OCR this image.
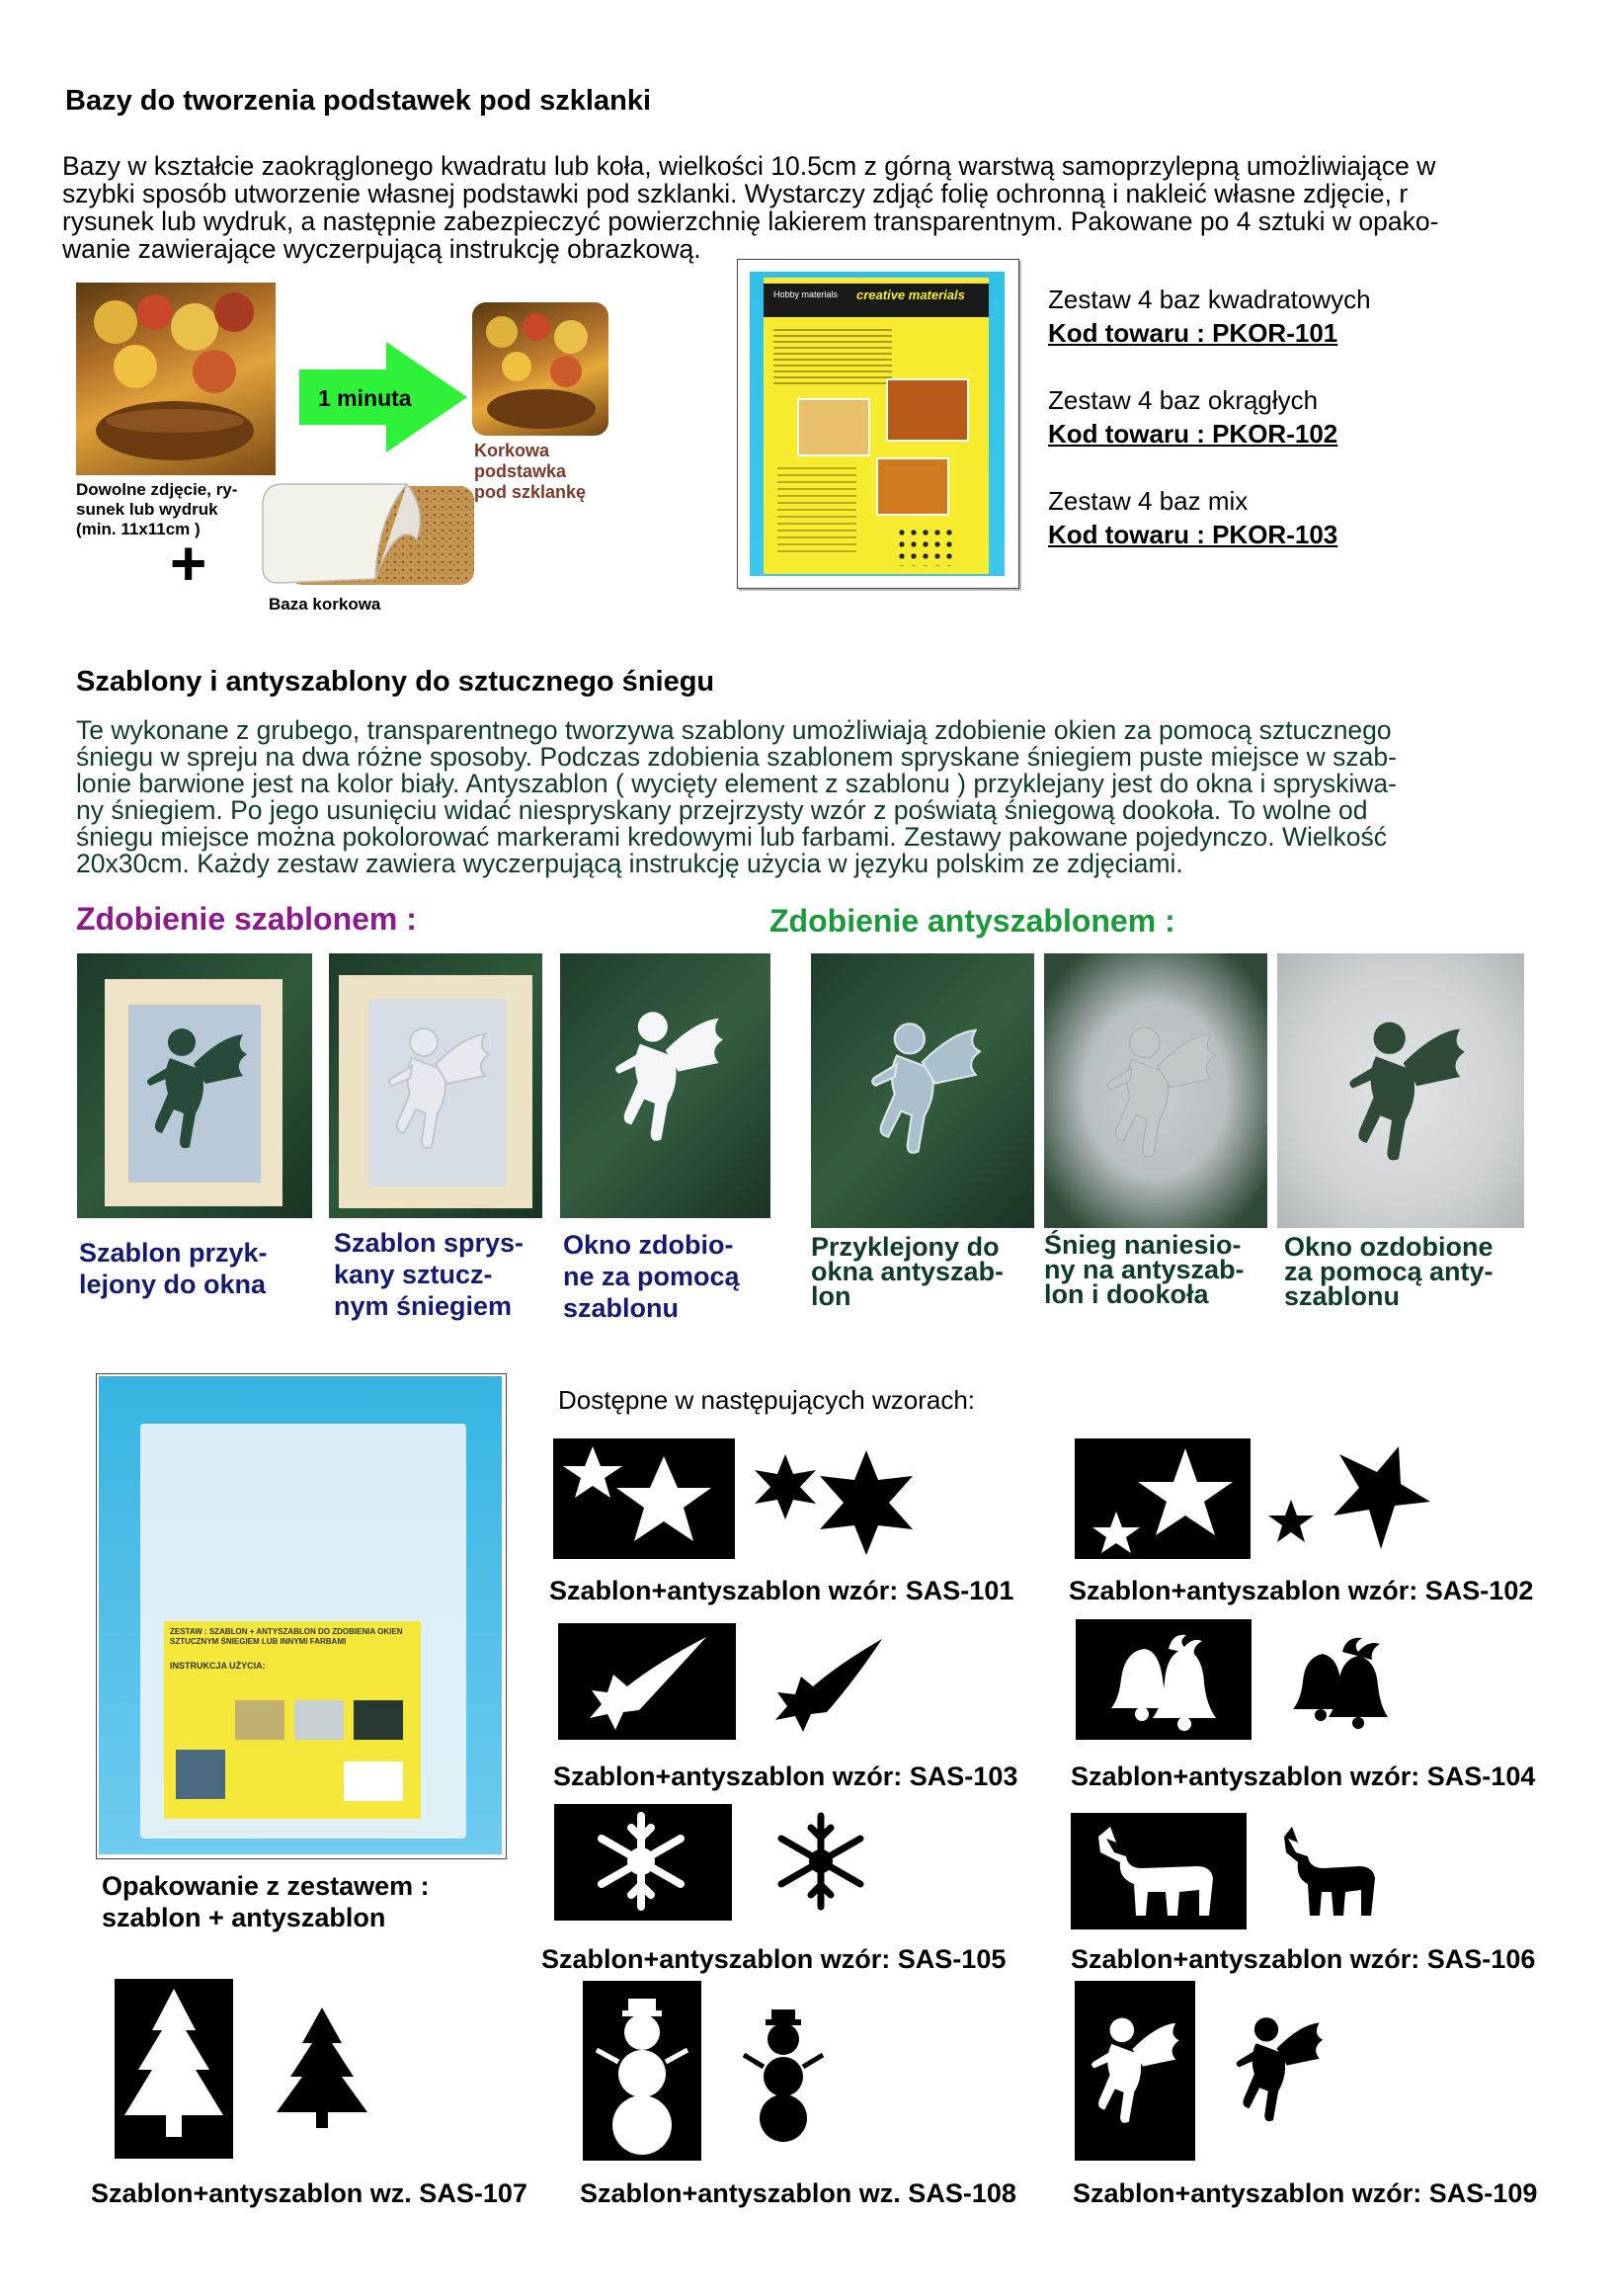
Bazy do tworzenia podstawek pod szklanki
Bazy w kształcie zaokrąglonego kwadratu lub koła, wielkości 10.5cm z górną warstwą samoprzylepną umożliwiające w
szybki sposób utworzenie własnej podstawki pod szklanki. Wystarczy zdjąć folię ochronną i nakleić własne zdjęcie, r
rysunek lub wydruk, a następnie zabezpieczyć powierzchnię lakierem transparentnym. Pakowane po 4 sztuki w opako-
wanie zawierające wyczerpującą instrukcję obrazkową.
Dowolne zdjęcie, ry-
sunek lub wydruk
(min. 11x11cm )
+
1 minuta
Korkowa
podstawka
pod szklankę
Baza korkowa
Hobby materials creative materials	Zestaw 4 baz kwadratowych
Kod towaru : PKOR-101
Zestaw 4 baz okrągłych
Kod towaru : PKOR-102
Zestaw 4 baz mix
Kod towaru : PKOR-103
Szablony i antyszablony do sztucznego śniegu
Te wykonane z grubego, transparentnego tworzywa szablony umożliwiają zdobienie okien za pomocą sztucznego
śniegu w spreju na dwa różne sposoby. Podczas zdobienia szablonem spryskane śniegiem puste miejsce w szab-
lonie barwione jest na kolor biały. Antyszablon ( wycięty element z szablonu ) przyklejany jest do okna i spryskiwa-
ny śniegiem. Po jego usunięciu widać niespryskany przejrzysty wzór z poświatą śniegową dookoła. To wolne od
śniegu miejsce można pokolorować markerami kredowymi lub farbami. Zestawy pakowane pojedynczo. Wielkość
20x30cm. Każdy zestaw zawiera wyczerpującą instrukcję użycia w języku polskim ze zdjęciami.
Zdobienie szablonem :	Zdobienie antyszablonem :
Szablon przyk-
lejony do okna
Szablon sprys-
kany sztucz-
nym śniegiem
Okno zdobio-
ne za pomocą
szablonu
Przyklejony do
okna antyszab-
lon
Śnieg naniesio-
ny na antyszab-
lon i dookoła
Okno ozdobione
za pomocą anty-
szablonu
ZESTAW : SZABLON + ANTYSZABLON DO ZDOBIENIA OKIEN SZTUCZNYM ŚNIEGIEM LUB INNYMI FARBAMI
INSTRUKCJA UŻYCIA:
Opakowanie z zestawem :
szablon + antyszablon
Dostępne w następujących wzorach:
Szablon+antyszablon wzór: SAS-101 Szablon+antyszablon wzór: SAS-102
Szablon+antyszablon wzór: SAS-103 Szablon+antyszablon wzór: SAS-104
Szablon+antyszablon wzór: SAS-105 Szablon+antyszablon wzór: SAS-106
Szablon+antyszablon wz. SAS-107 Szablon+antyszablon wz. SAS-108 Szablon+antyszablon wzór: SAS-109
